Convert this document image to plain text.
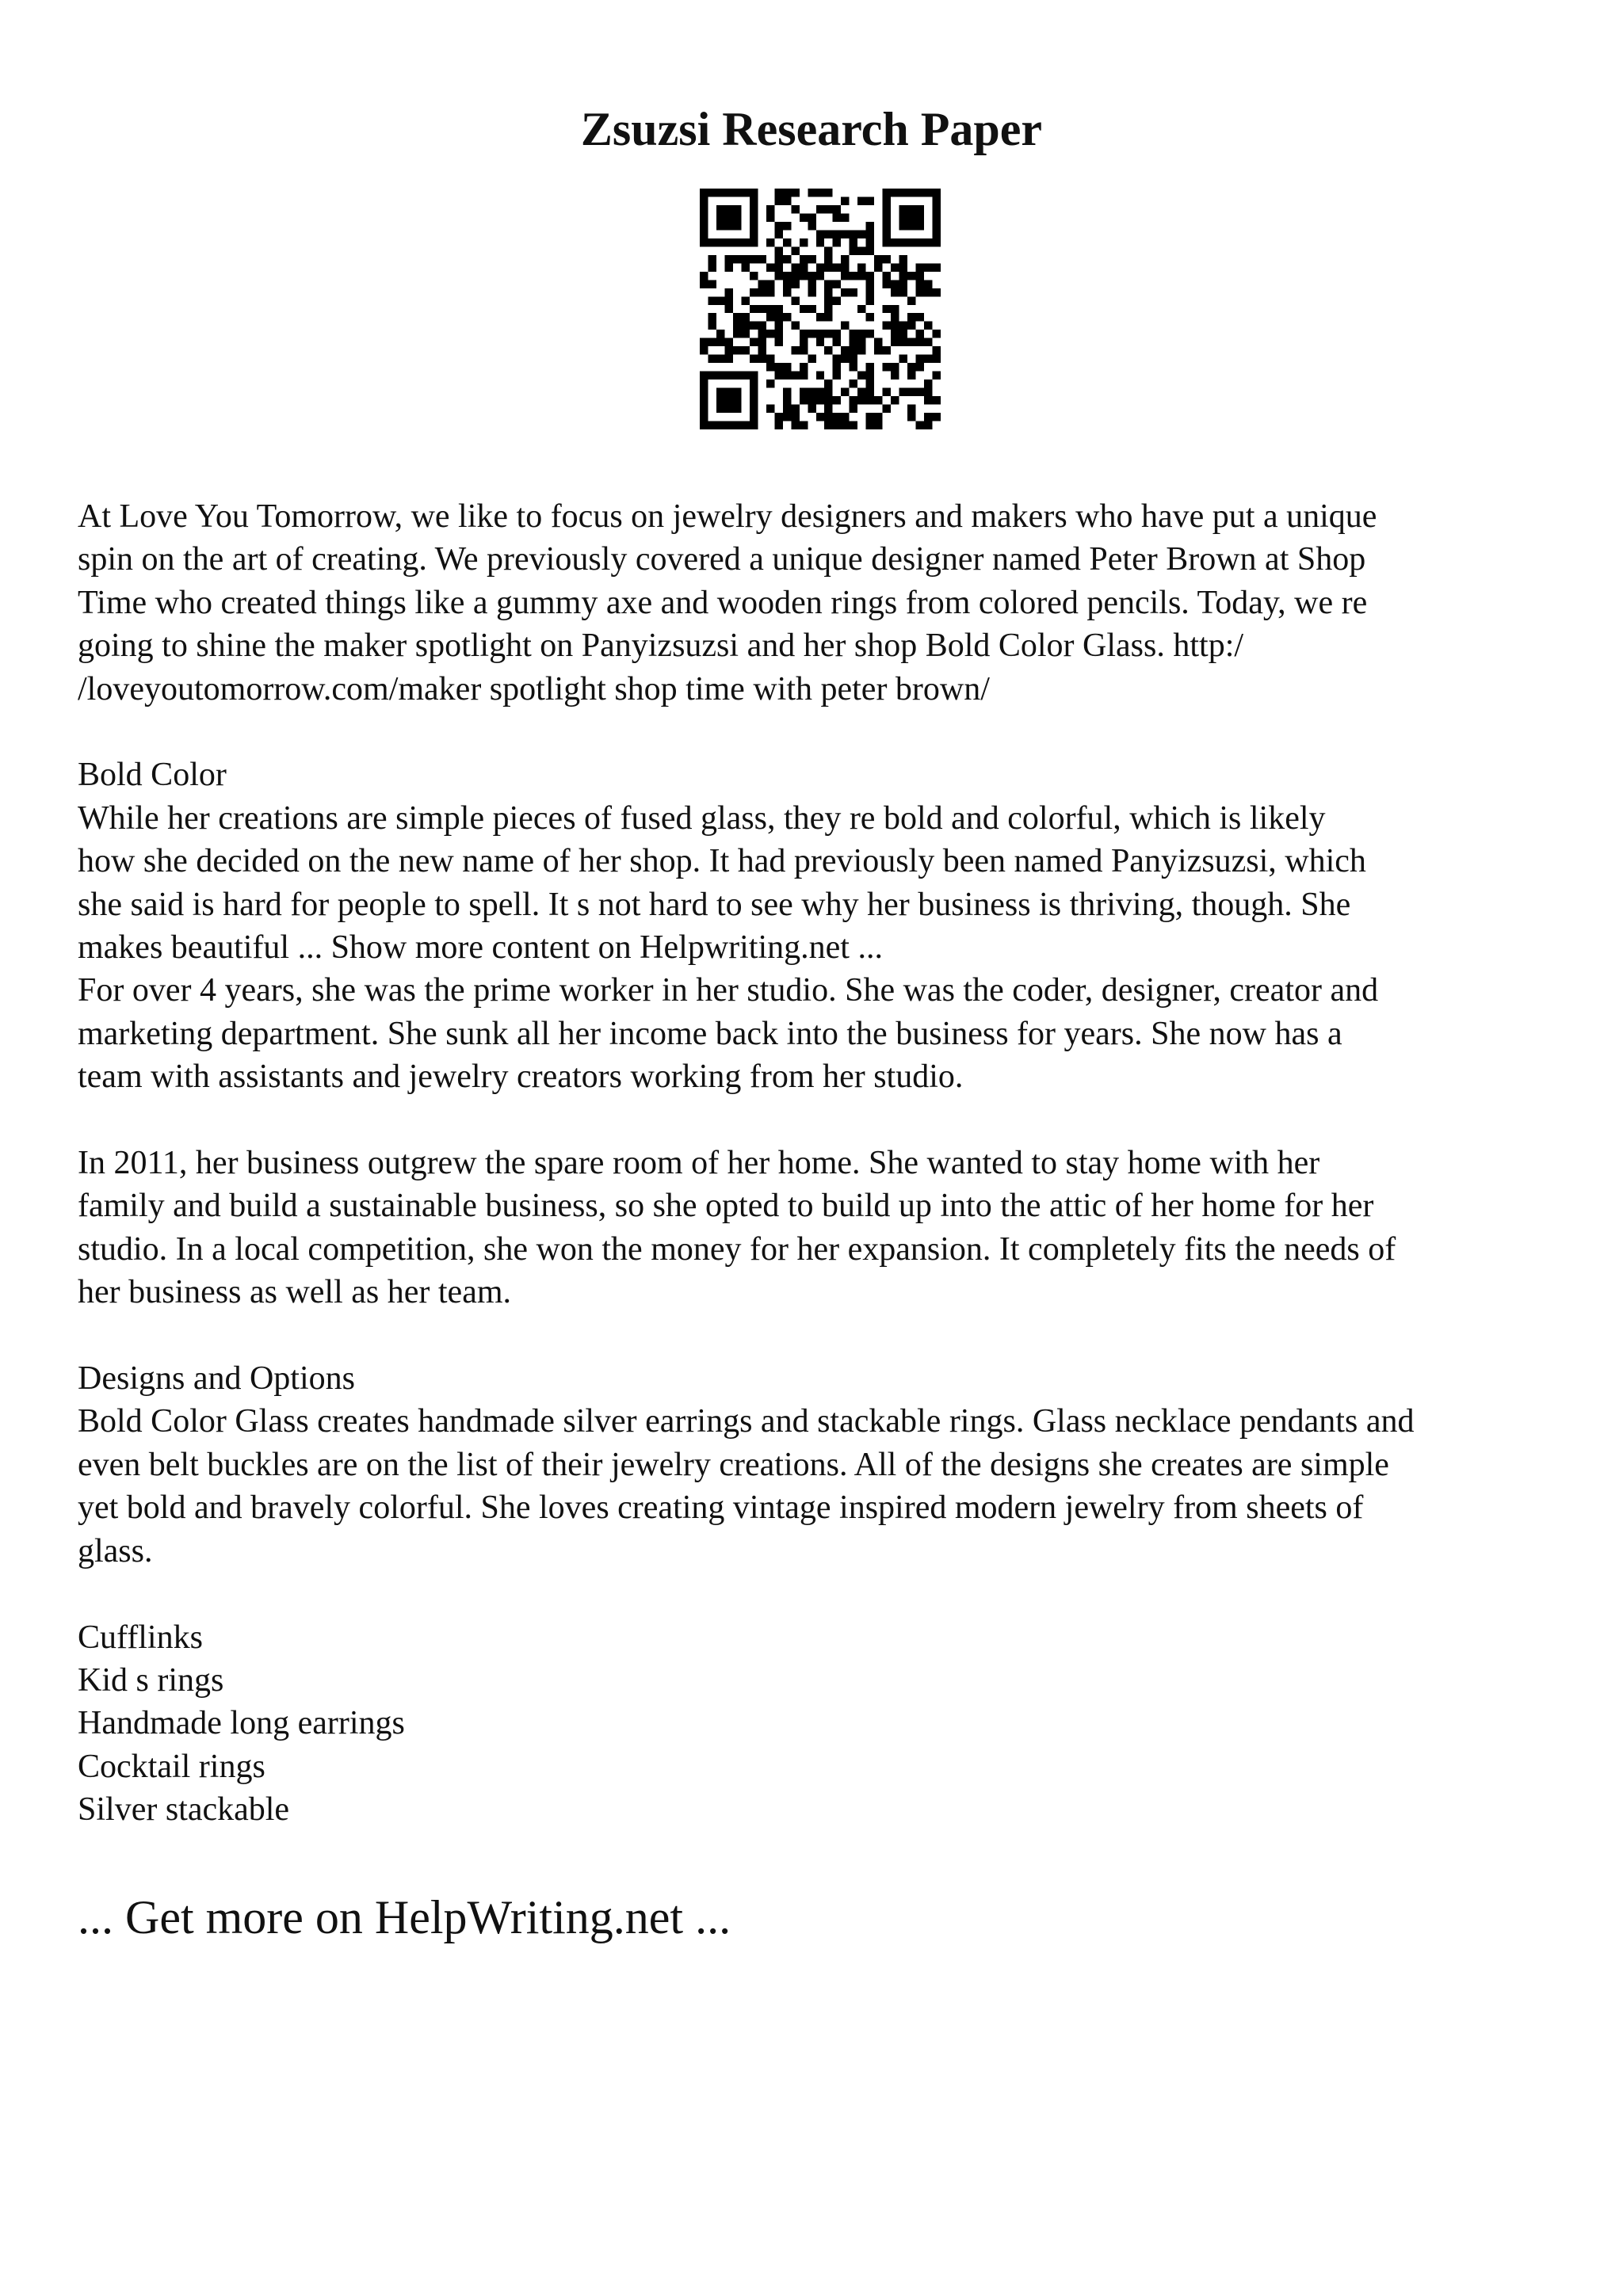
Zsuzsi Research Paper

At Love You Tomorrow, we like to focus on jewelry designers and makers who have put a unique
spin on the art of creating. We previously covered a unique designer named Peter Brown at Shop
Time who created things like a gummy axe and wooden rings from colored pencils. Today, we re
going to shine the maker spotlight on Panyizsuzsi and her shop Bold Color Glass. http:/
/loveyoutomorrow.com/maker spotlight shop time with peter brown/

Bold Color
While her creations are simple pieces of fused glass, they re bold and colorful, which is likely
how she decided on the new name of her shop. It had previously been named Panyizsuzsi, which
she said is hard for people to spell. It s not hard to see why her business is thriving, though. She
makes beautiful ... Show more content on Helpwriting.net ...
For over 4 years, she was the prime worker in her studio. She was the coder, designer, creator and
marketing department. She sunk all her income back into the business for years. She now has a
team with assistants and jewelry creators working from her studio.

In 2011, her business outgrew the spare room of her home. She wanted to stay home with her
family and build a sustainable business, so she opted to build up into the attic of her home for her
studio. In a local competition, she won the money for her expansion. It completely fits the needs of
her business as well as her team.

Designs and Options
Bold Color Glass creates handmade silver earrings and stackable rings. Glass necklace pendants and
even belt buckles are on the list of their jewelry creations. All of the designs she creates are simple
yet bold and bravely colorful. She loves creating vintage inspired modern jewelry from sheets of
glass.

Cufflinks
Kid s rings
Handmade long earrings
Cocktail rings
Silver stackable

... Get more on HelpWriting.net ...
